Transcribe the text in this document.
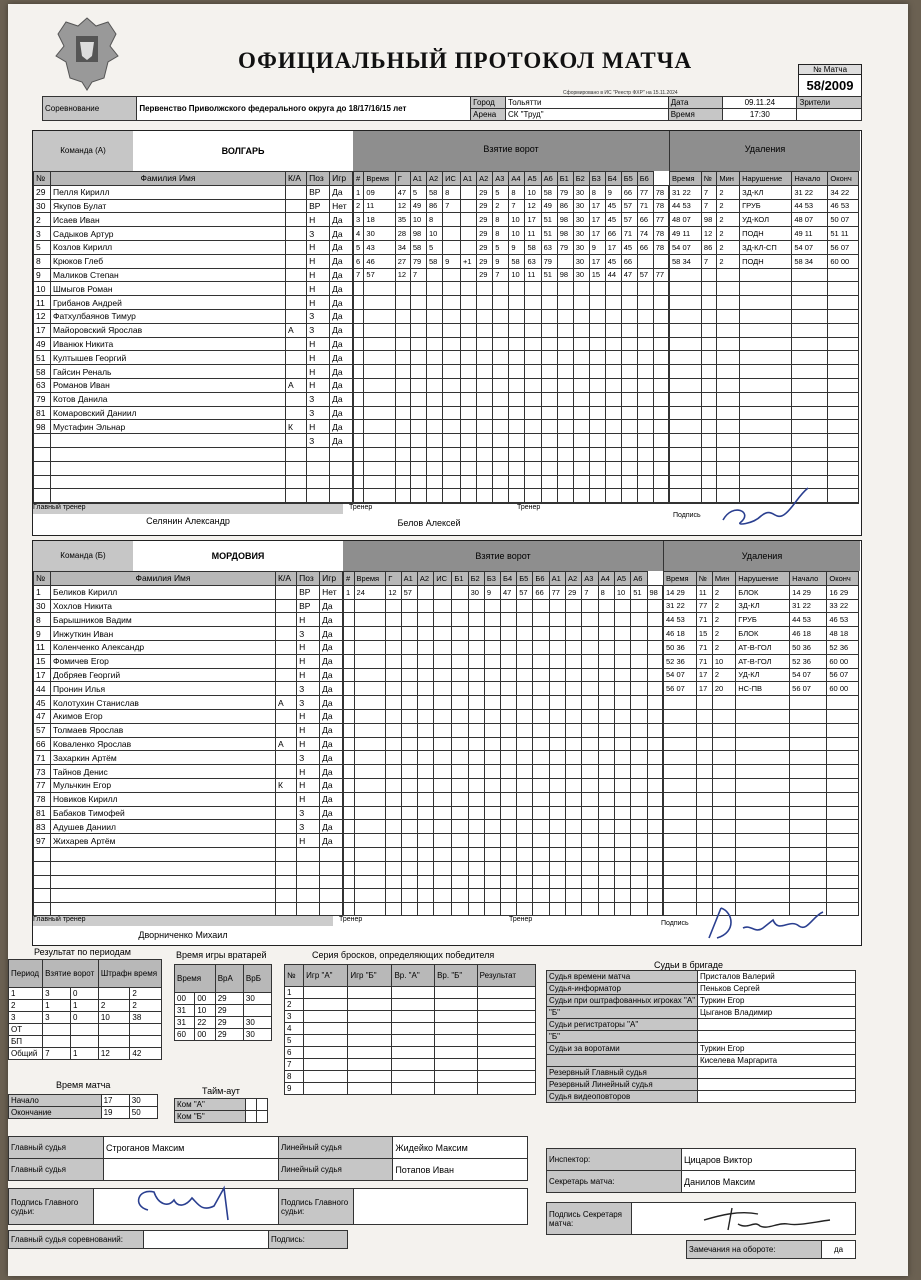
ОФИЦИАЛЬНЫЙ ПРОТОКОЛ МАТЧА
Сформировано в ИС "Реестр ФХР" на 15.11.2024
№ Матча
58/2009
Соревнование	Первенство Приволжского федерального округа до 18/17/16/15 лет	Город	Тольятти	Дата	09.11.24	Зрители
		Арена	СК "Труд"	Время	17:30	
Команда (А)	ВОЛГАРЬ	Взятие ворот	Удаления
№	Фамилия Имя	К/А	Поз	Игр
29	Пелля Кирилл		ВР	Да
30	Якупов Булат		ВР	Нет
2	Исаев Иван		Н	Да
3	Садыков Артур		З	Да
5	Козлов Кирилл		Н	Да
8	Крюков Глеб		Н	Да
9	Маликов Степан		Н	Да
10	Шмыгов Роман		Н	Да
11	Грибанов Андрей		Н	Да
12	Фатхулбаянов Тимур		З	Да
17	Майоровский Ярослав	А	З	Да
49	Иванюк Никита		Н	Да
51	Култышев Георгий		Н	Да
58	Гайсин Реналь		Н	Да
63	Романов Иван	А	Н	Да
79	Котов Данила		З	Да
81	Комаровский Даниил		З	Да
98	Мустафин Эльнар	К	Н	Да
			З	Да

#	Время	Г	А1	А2	ИС	А1	А2	А3	А4	А5	А6	Б1	Б2	Б3	Б4	Б5	Б6	
1	09	47	5	58	8		29	5	8	10	58	79	30	8	9	66	77	78
2	11	12	49	86	7		29	2	7	12	49	86	30	17	45	57	71	78
3	18	35	10	8			29	8	10	17	51	98	30	17	45	57	66	77
4	30	28	98	10			29	8	10	11	51	98	30	17	66	71	74	78
5	43	34	58	5			29	5	9	58	63	79	30	9	17	45	66	78
6	46	27	79	58	9	+1	29	9	58	63	79		30	17	45	66		
7	57	12	7				29	7	10	11	51	98	30	15	44	47	57	77

Время	№	Мин	Нарушение	Начало	Оконч
31 22	7	2	ЗД-КЛ	31 22	34 22
44 53	7	2	ГРУБ	44 53	46 53
48 07	98	2	УД-КОЛ	48 07	50 07
49 11	12	2	ПОДН	49 11	51 11
54 07	86	2	ЗД-КЛ-СП	54 07	56 07
58 34	7	2	ПОДН	58 34	60 00

Главный тренер
Селянин Александр
Тренер
Белов Алексей
Тренер
Подпись
Команда (Б)	МОРДОВИЯ	Взятие ворот	Удаления
№	Фамилия Имя	К/А	Поз	Игр
1	Беликов Кирилл		ВР	Нет
30	Хохлов Никита		ВР	Да
8	Барышников Вадим		Н	Да
9	Инжуткин Иван		З	Да
11	Коленченко Александр		Н	Да
15	Фомичев Егор		Н	Да
17	Добряев Георгий		Н	Да
44	Пронин Илья		З	Да
45	Колотухин Станислав	А	З	Да
47	Акимов Егор		Н	Да
57	Толмаев Ярослав		Н	Да
66	Коваленко Ярослав	А	Н	Да
71	Захаркин Артём		З	Да
73	Тайнов Денис		Н	Да
77	Мульчкин Егор	К	Н	Да
78	Новиков Кирилл		Н	Да
81	Бабаков Тимофей		З	Да
83	Адушев Даниил		З	Да
97	Жихарев Артём		Н	Да

#	Время	Г	А1	А2	ИС	Б1	Б2	Б3	Б4	Б5	Б6	А1	А2	А3	А4	А5	А6	
1	24	12	57				30	9	47	57	66	77	29	7	8	10	51	98

Время	№	Мин	Нарушение	Начало	Оконч
14 29	11	2	БЛОК	14 29	16 29
31 22	77	2	ЗД-КЛ	31 22	33 22
44 53	71	2	ГРУБ	44 53	46 53
46 18	15	2	БЛОК	46 18	48 18
50 36	71	2	АТ-В-ГОЛ	50 36	52 36
52 36	71	10	АТ-В-ГОЛ	52 36	60 00
54 07	17	2	УД-КЛ	54 07	56 07
56 07	17	20	НС-ПВ	56 07	60 00

Главный тренер
Дворниченко Михаил
Тренер	Тренер
Подпись
Результат по периодам
Период	Взятие ворот		Штрафн время	
1	3	0		2
2	1	1	2	2
3	3	0	10	38
ОТ				
БП				
Общий	7	1	12	42
Время игры вратарей
Время		ВрА	ВрБ
00	00	29	30
31	10	29	
31	22	29	30
60	00	29	30
Время матча
Начало	17	30
Окончание	19	50
Тайм-аут
Ком "А"		
Ком "Б"		
Серия бросков, определяющих победителя
№	Игр "А"	Игр "Б"	Вр. "А"	Вр. "Б"	Результат
1					
2					
3					
4					
5					
6					
7					
8					
9					
Судьи в бригаде
Судья времени матча	Присталов Валерий
Судья-информатор	Пеньков Сергей
Судьи при оштрафованных игроках "А"	Туркин Егор
"Б"	Цыганов Владимир
Судьи регистраторы "А"	
"Б"	
Судьи за воротами	Туркин Егор
	Киселева Маргарита
Резервный Главный судья	
Резервный Линейный судья	
Судья видеоповторов	
Главный судья	Строганов Максим	Линейный судья	Жидейко Максим
Главный судья		Линейный судья	Потапов Иван
Инспектор:	Цицаров Виктор
Секретарь матча:	Данилов Максим
Подпись Главного судьи:		Подпись Главного судьи:		Подпись Секретаря матча:	
Главный судья соревнований:		Подпись:
Замечания на обороте:	да
